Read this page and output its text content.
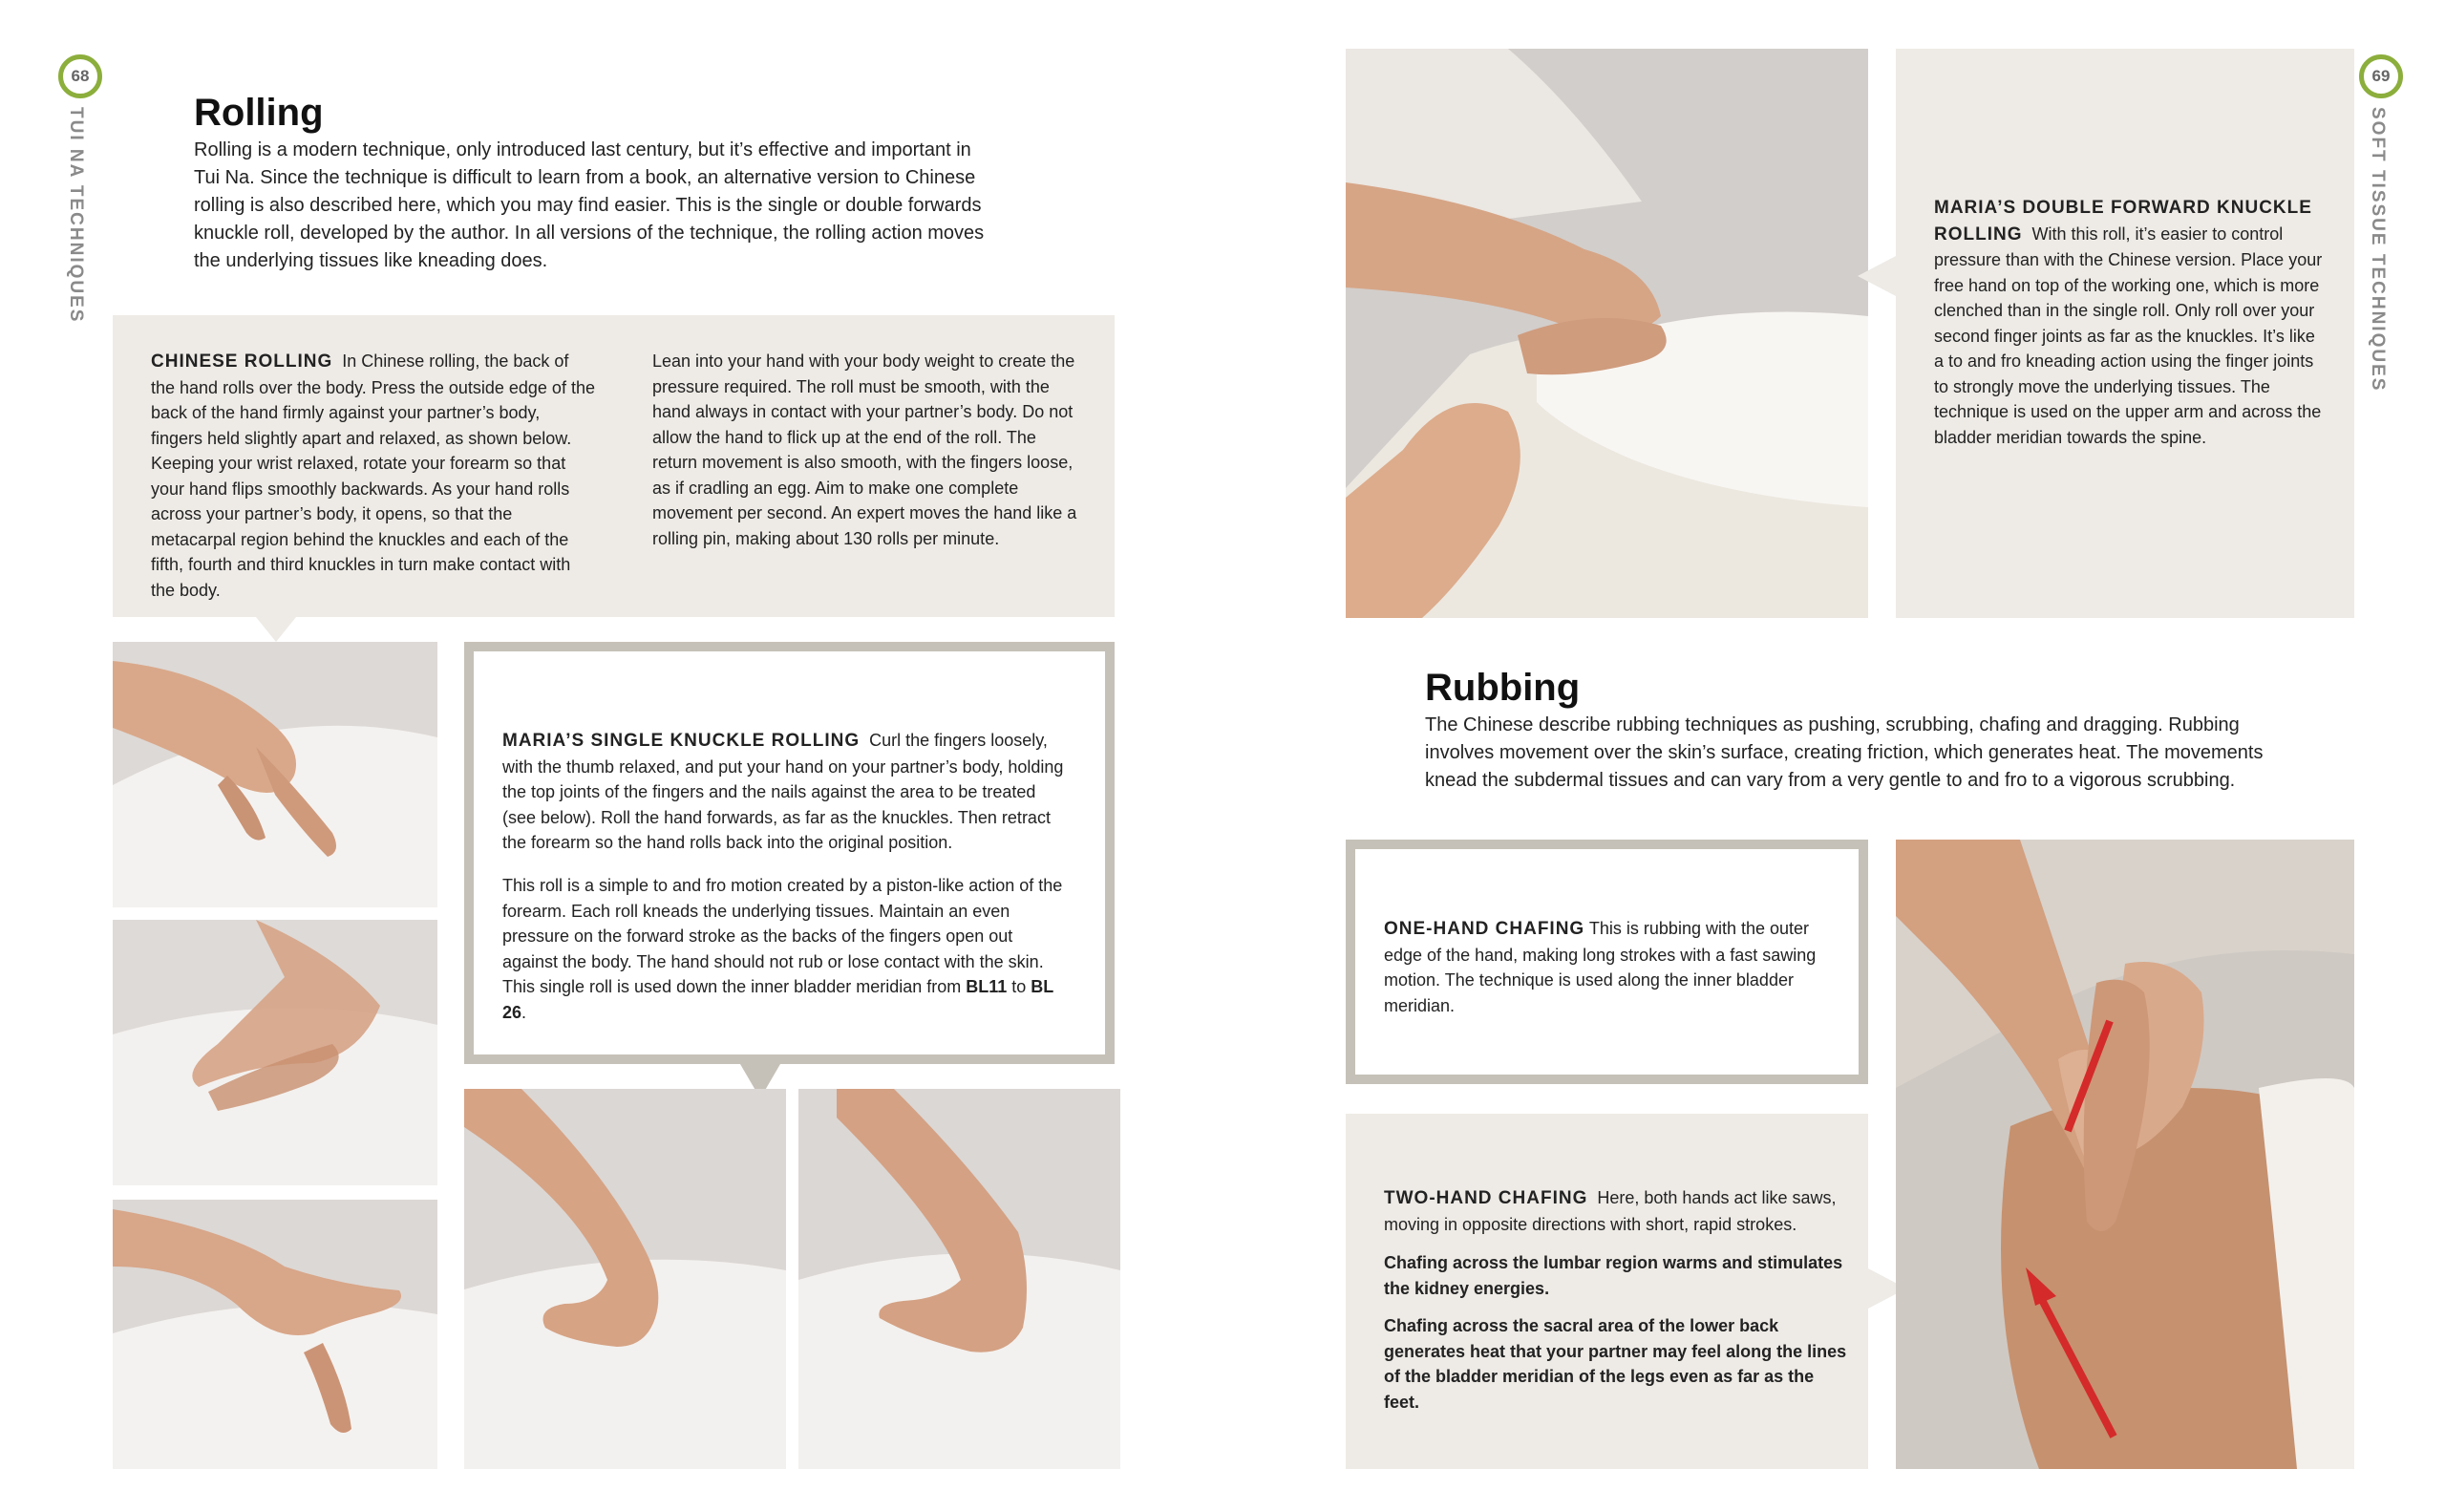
68
TUI NA TECHNIQUES	Rolling

Rolling is a modern technique, only introduced last century, but it’s effective and important in Tui Na. Since the technique is difficult to learn from a book, an alternative version to Chinese rolling is also described here, which you may find easier. This is the single or double forwards knuckle roll, developed by the author. In all versions of the technique, the rolling action moves the underlying tissues like kneading does.

CHINESE ROLLING In Chinese rolling, the back of the hand rolls over the body. Press the outside edge of the back of the hand firmly against your partner’s body, fingers held slightly apart and relaxed, as shown below. Keeping your wrist relaxed, rotate your forearm so that your hand flips smoothly backwards. As your hand rolls across your partner’s body, it opens, so that the metacarpal region behind the knuckles and each of the fifth, fourth and third knuckles in turn make contact with the body.

Lean into your hand with your body weight to create the pressure required. The roll must be smooth, with the hand always in contact with your partner’s body. Do not allow the hand to flick up at the end of the roll. The return movement is also smooth, with the fingers loose, as if cradling an egg. Aim to make one complete movement per second. An expert moves the hand like a rolling pin, making about 130 rolls per minute.

MARIA’S SINGLE KNUCKLE ROLLING Curl the fingers loosely, with the thumb relaxed, and put your hand on your partner’s body, holding the top joints of the fingers and the nails against the area to be treated (see below). Roll the hand forwards, as far as the knuckles. Then retract the forearm so the hand rolls back into the original position.

This roll is a simple to and fro motion created by a piston-like action of the forearm. Each roll kneads the underlying tissues. Maintain an even pressure on the forward stroke as the backs of the fingers open out against the body. The hand should not rub or lose contact with the skin. This single roll is used down the inner bladder meridian from BL11 to BL 26.

69
SOFT TISSUE TECHNIQUES

MARIA’S DOUBLE FORWARD KNUCKLE ROLLING With this roll, it’s easier to control pressure than with the Chinese version. Place your free hand on top of the working one, which is more clenched than in the single roll. Only roll over your second finger joints as far as the knuckles. It’s like a to and fro kneading action using the finger joints to strongly move the underlying tissues. The technique is used on the upper arm and across the bladder meridian towards the spine.

Rubbing

The Chinese describe rubbing techniques as pushing, scrubbing, chafing and dragging. Rubbing involves movement over the skin’s surface, creating friction, which generates heat. The movements knead the subdermal tissues and can vary from a very gentle to and fro to a vigorous scrubbing.

ONE-HAND CHAFING This is rubbing with the outer edge of the hand, making long strokes with a fast sawing motion. The technique is used along the inner bladder meridian.

TWO-HAND CHAFING Here, both hands act like saws, moving in opposite directions with short, rapid strokes.

Chafing across the lumbar region warms and stimulates the kidney energies.

Chafing across the sacral area of the lower back generates heat that your partner may feel along the lines of the bladder meridian of the legs even as far as the feet.
